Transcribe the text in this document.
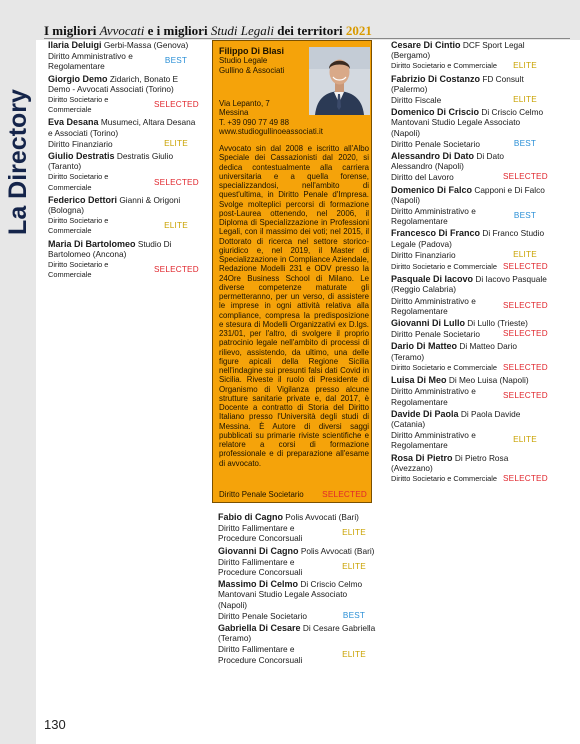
I migliori Avvocati e i migliori Studi Legali dei territori 2021
La Directory
Ilaria Deluigi Gerbi-Massa (Genova)
Diritto Amministrativo e Regolamentare
BEST
Giorgio Demo Zidarich, Bonato E Demo - Avvocati Associati (Torino)
Diritto Societario e Commerciale
SELECTED
Eva Desana Musumeci, Altara Desana e Associati (Torino)
Diritto Finanziario	ELITE
Giulio Destratis Destratis Giulio (Taranto)
Diritto Societario e Commerciale
SELECTED
Federico Dettori Gianni & Origoni (Bologna)
Diritto Societario e Commerciale
ELITE
Maria Di Bartolomeo Studio Di Bartolomeo (Ancona)
Diritto Societario e Commerciale
SELECTED
Filippo Di Blasi
Studio Legale
Gullino & Associati
Via Lepanto, 7
Messina
T. +39 090 77 49 88
www.studiogullinoeassociati.it
Avvocato sin dal 2008 e iscritto all'Albo Speciale dei Cassazionisti dal 2020, si dedica contestualmente alla carriera universitaria e a quella forense, specializzandosi, nell'ambito di quest'ultima, in Diritto Penale d'Impresa. Svolge molteplici percorsi di formazione post-Laurea ottenendo, nel 2006, il Diploma di Specializzazione in Professioni Legali, con il massimo dei voti; nel 2015, il Dottorato di ricerca nel settore storico-giuridico e, nel 2019, il Master di Specializzazione in Compliance Aziendale, Redazione Modelli 231 e ODV presso la 24Ore Business School di Milano. Le diverse competenze maturate gli permetteranno, per un verso, di assistere le imprese in ogni attività relativa alla compliance, compresa la predisposizione e stesura di Modelli Organizzativi ex D.lgs. 231/01, per l'altro, di svolgere il proprio patrocinio legale nell'ambito di processi di rilievo, assistendo, da ultimo, una delle figure apicali della Regione Sicilia nell'indagine sui presunti falsi dati Covid in Sicilia. Riveste il ruolo di Presidente di Organismo di Vigilanza presso alcune strutture sanitarie private e, dal 2017, è Docente a contratto di Storia del Diritto Italiano presso l'Università degli studi di Messina. È Autore di diversi saggi pubblicati su primarie riviste scientifiche e relatore a corsi di formazione professionale e di preparazione all'esame di avvocato.
Diritto Penale Societario SELECTED
Fabio di Cagno Polis Avvocati (Bari)
Diritto Fallimentare e Procedure Concorsuali
ELITE
Giovanni Di Cagno Polis Avvocati (Bari)
Diritto Fallimentare e Procedure Concorsuali
ELITE
Massimo Di Celmo Di Criscio Celmo Mantovani Studio Legale Associato (Napoli)
Diritto Penale Societario	BEST
Gabriella Di Cesare Di Cesare Gabriella (Teramo)
Diritto Fallimentare e Procedure Concorsuali
ELITE
Cesare Di Cintio DCF Sport Legal (Bergamo)
Diritto Societario e Commerciale	ELITE
Fabrizio Di Costanzo FD Consult (Palermo)
Diritto Fiscale	ELITE
Domenico Di Criscio Di Criscio Celmo Mantovani Studio Legale Associato (Napoli)
Diritto Penale Societario	BEST
Alessandro Di Dato Di Dato Alessandro (Napoli)
Diritto del Lavoro	SELECTED
Domenico Di Falco Capponi e Di Falco (Napoli)
Diritto Amministrativo e Regolamentare
BEST
Francesco Di Franco Di Franco Studio Legale (Padova)
Diritto Finanziario	ELITE
Diritto Societario e Commerciale SELECTED
Pasquale Di Iacovo Di Iacovo Pasquale (Reggio Calabria)
Diritto Amministrativo e Regolamentare
SELECTED
Giovanni Di Lullo Di Lullo (Trieste)
Diritto Penale Societario	SELECTED
Dario Di Matteo Di Matteo Dario (Teramo)
Diritto Societario e Commerciale SELECTED
Luisa Di Meo Di Meo Luisa (Napoli)
Diritto Amministrativo e Regolamentare
SELECTED
Davide Di Paola Di Paola Davide (Catania)
Diritto Amministrativo e Regolamentare
ELITE
Rosa Di Pietro Di Pietro Rosa (Avezzano)
Diritto Societario e Commerciale SELECTED
130
